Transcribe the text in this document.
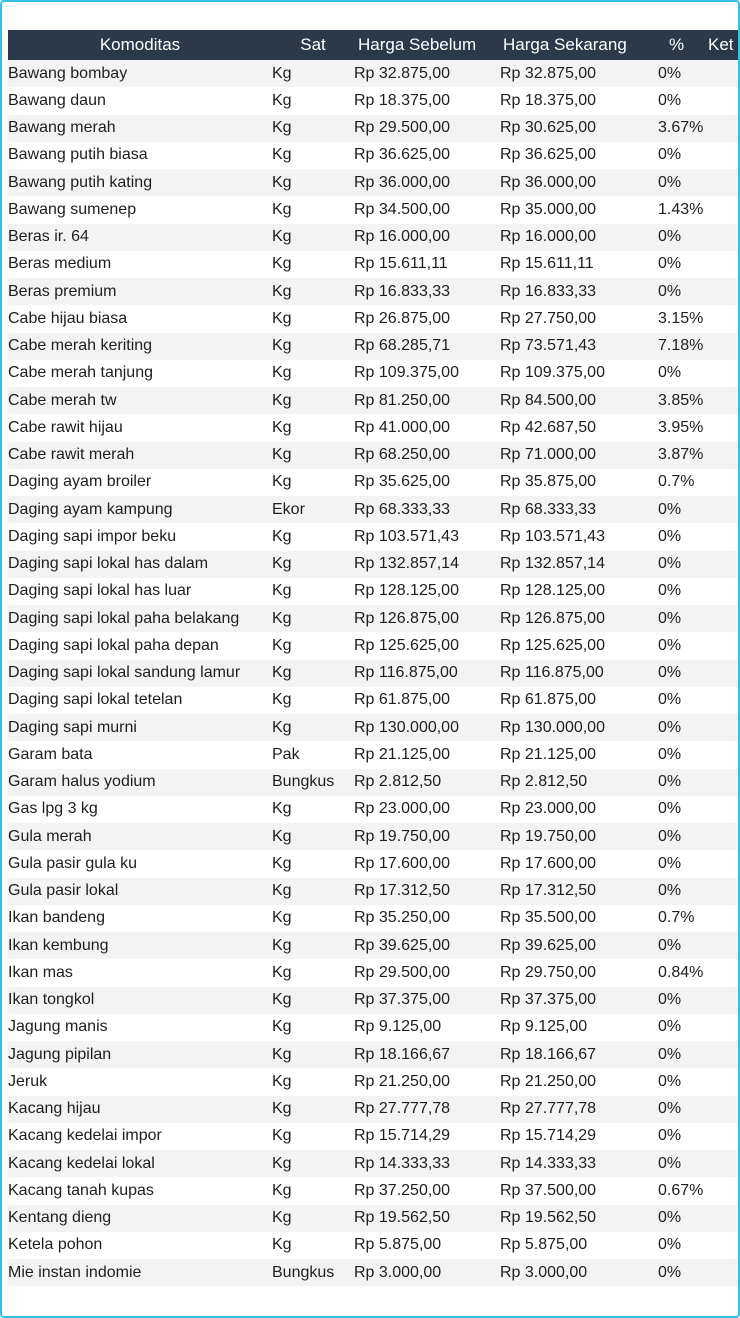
Komoditas	Sat	Harga Sebelum	Harga Sekarang	%	Ket
Bawang bombay	Kg	Rp 32.875,00	Rp 32.875,00	0%	
Bawang daun	Kg	Rp 18.375,00	Rp 18.375,00	0%	
Bawang merah	Kg	Rp 29.500,00	Rp 30.625,00	3.67%	
Bawang putih biasa	Kg	Rp 36.625,00	Rp 36.625,00	0%	
Bawang putih kating	Kg	Rp 36.000,00	Rp 36.000,00	0%	
Bawang sumenep	Kg	Rp 34.500,00	Rp 35.000,00	1.43%	
Beras ir. 64	Kg	Rp 16.000,00	Rp 16.000,00	0%	
Beras medium	Kg	Rp 15.611,11	Rp 15.611,11	0%	
Beras premium	Kg	Rp 16.833,33	Rp 16.833,33	0%	
Cabe hijau biasa	Kg	Rp 26.875,00	Rp 27.750,00	3.15%	
Cabe merah keriting	Kg	Rp 68.285,71	Rp 73.571,43	7.18%	
Cabe merah tanjung	Kg	Rp 109.375,00	Rp 109.375,00	0%	
Cabe merah tw	Kg	Rp 81.250,00	Rp 84.500,00	3.85%	
Cabe rawit hijau	Kg	Rp 41.000,00	Rp 42.687,50	3.95%	
Cabe rawit merah	Kg	Rp 68.250,00	Rp 71.000,00	3.87%	
Daging ayam broiler	Kg	Rp 35.625,00	Rp 35.875,00	0.7%	
Daging ayam kampung	Ekor	Rp 68.333,33	Rp 68.333,33	0%	
Daging sapi impor beku	Kg	Rp 103.571,43	Rp 103.571,43	0%	
Daging sapi lokal has dalam	Kg	Rp 132.857,14	Rp 132.857,14	0%	
Daging sapi lokal has luar	Kg	Rp 128.125,00	Rp 128.125,00	0%	
Daging sapi lokal paha belakang	Kg	Rp 126.875,00	Rp 126.875,00	0%	
Daging sapi lokal paha depan	Kg	Rp 125.625,00	Rp 125.625,00	0%	
Daging sapi lokal sandung lamur	Kg	Rp 116.875,00	Rp 116.875,00	0%	
Daging sapi lokal tetelan	Kg	Rp 61.875,00	Rp 61.875,00	0%	
Daging sapi murni	Kg	Rp 130.000,00	Rp 130.000,00	0%	
Garam bata	Pak	Rp 21.125,00	Rp 21.125,00	0%	
Garam halus yodium	Bungkus	Rp 2.812,50	Rp 2.812,50	0%	
Gas lpg 3 kg	Kg	Rp 23.000,00	Rp 23.000,00	0%	
Gula merah	Kg	Rp 19.750,00	Rp 19.750,00	0%	
Gula pasir gula ku	Kg	Rp 17.600,00	Rp 17.600,00	0%	
Gula pasir lokal	Kg	Rp 17.312,50	Rp 17.312,50	0%	
Ikan bandeng	Kg	Rp 35.250,00	Rp 35.500,00	0.7%	
Ikan kembung	Kg	Rp 39.625,00	Rp 39.625,00	0%	
Ikan mas	Kg	Rp 29.500,00	Rp 29.750,00	0.84%	
Ikan tongkol	Kg	Rp 37.375,00	Rp 37.375,00	0%	
Jagung manis	Kg	Rp 9.125,00	Rp 9.125,00	0%	
Jagung pipilan	Kg	Rp 18.166,67	Rp 18.166,67	0%	
Jeruk	Kg	Rp 21.250,00	Rp 21.250,00	0%	
Kacang hijau	Kg	Rp 27.777,78	Rp 27.777,78	0%	
Kacang kedelai impor	Kg	Rp 15.714,29	Rp 15.714,29	0%	
Kacang kedelai lokal	Kg	Rp 14.333,33	Rp 14.333,33	0%	
Kacang tanah kupas	Kg	Rp 37.250,00	Rp 37.500,00	0.67%	
Kentang dieng	Kg	Rp 19.562,50	Rp 19.562,50	0%	
Ketela pohon	Kg	Rp 5.875,00	Rp 5.875,00	0%	
Mie instan indomie	Bungkus	Rp 3.000,00	Rp 3.000,00	0%	
